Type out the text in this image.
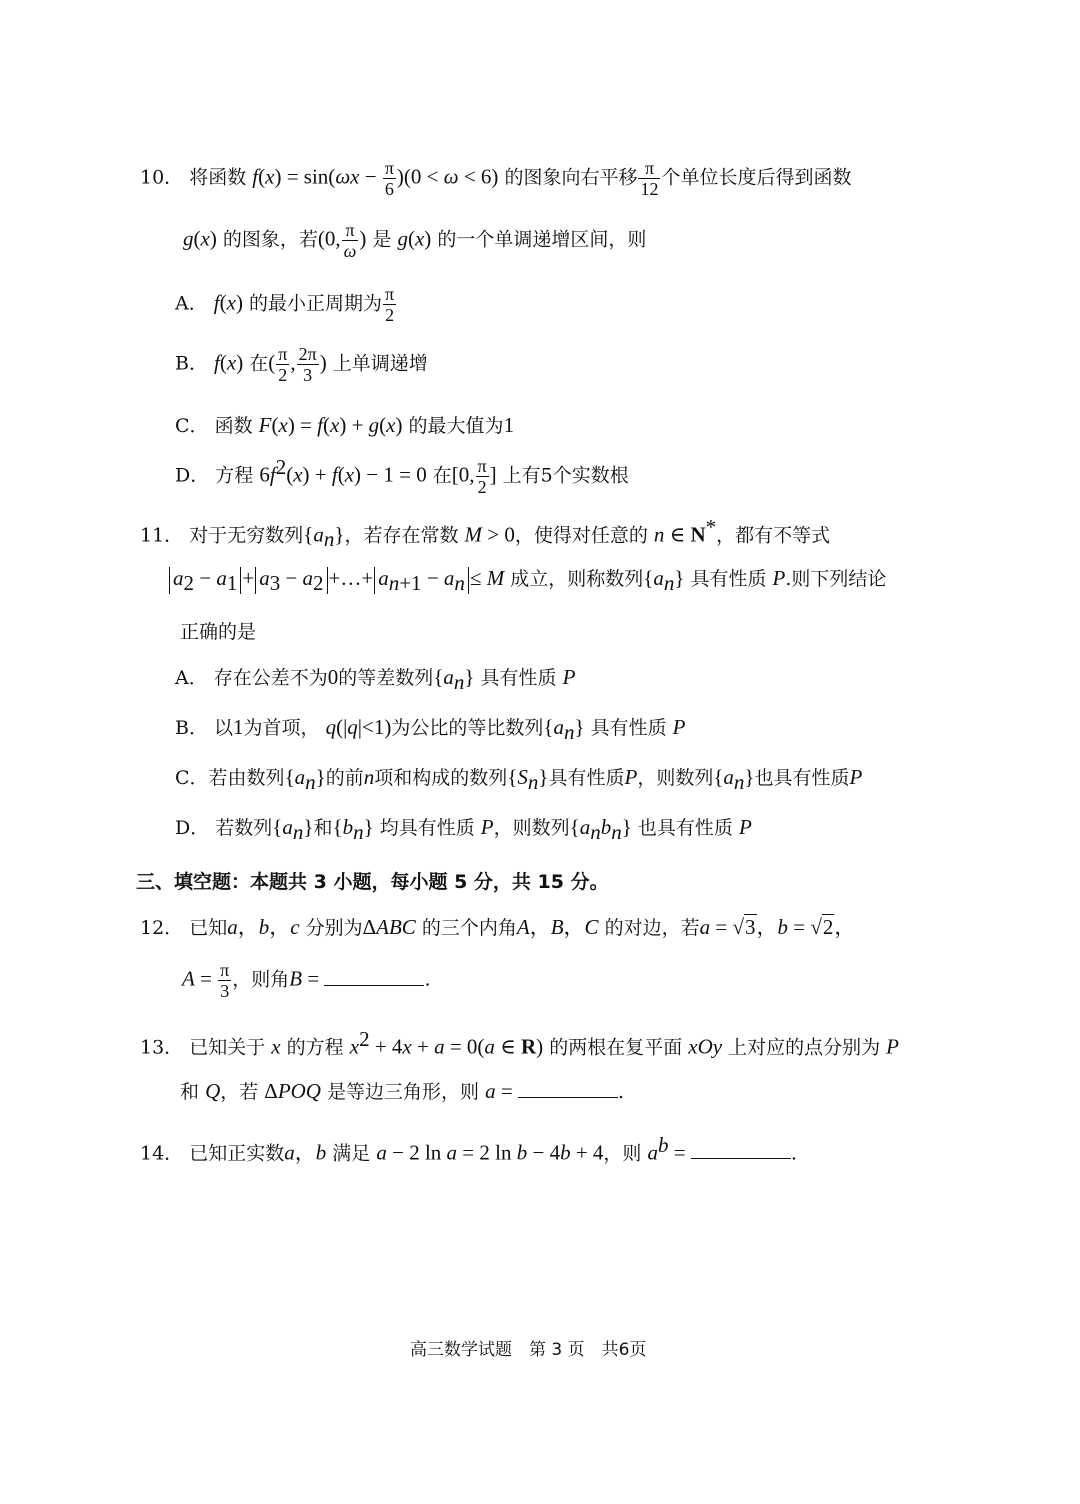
10． 将函数 $f(x) = \sin(\omega x - \frac{\pi}{6} )(0 < \omega < 6)$ 的图象向右平移 $\frac{\pi}{12}$ 个单位长度后得到函数
g(x) 的图象，若(0, $\frac{\pi}{\omega}$ ) 是 g(x) 的一个单调递增区间，则
A． f(x) 的最小正周期为 $\frac{\pi}{2}$
B． f(x) 在( $\frac{\pi}{2}$ , $\frac{2\pi}{3}$ ) 上单调递增
C． 函数 F(x) = f(x) + g(x) 的最大值为1
D． 方程 $6f^2(x) + f(x) - 1 = 0$ 在[0, $\frac{\pi}{2}$ ] 上有5个实数根
11． 对于无穷数列$\{a_n\}$，若存在常数 M > 0，使得对任意的 n ∈ N*，都有不等式
$a_2 - a_1 + a_3 - a_2$ +…+ $a_{n+1} - a_n \le M$ 成立，则称数列$\{a_n\}$ 具有性质 P.则下列结论
正确的是
A． 存在公差不为0的等差数列$\{a_n\}$ 具有性质 P
B． 以1为首项， q(|q|<1)为公比的等比数列$\{a_n\}$ 具有性质 P
C．若由数列$\{a_n\}$的前n项和构成的数列$\{S_n\}$具有性质P，则数列$\{a_n\}$也具有性质P
D． 若数列$\{a_n\}$和$\{b_n\}$ 均具有性质 P，则数列$\{a_nb_n\}$ 也具有性质 P
三、填空题：本题共 3 小题，每小题 5 分，共 15 分。
12． 已知a，b，c 分别为ΔABC 的三个内角A，B，C 的对边，若a = √3，b = √2，
$A = \frac{\pi}{3}$ ，则角B =	.
13． 已知关于 x 的方程 $x^2 + 4x + a = 0(a$ ∈ R) 的两根在复平面 xOy 上对应的点分别为 P
和 Q，若 ΔPOQ 是等边三角形，则 a =	.
14． 已知正实数a，b 满足 a − 2 ln a = 2 ln b − 4b + 4，则 $a^b$ =	.
高三数学试题　第 3 页　共6页
